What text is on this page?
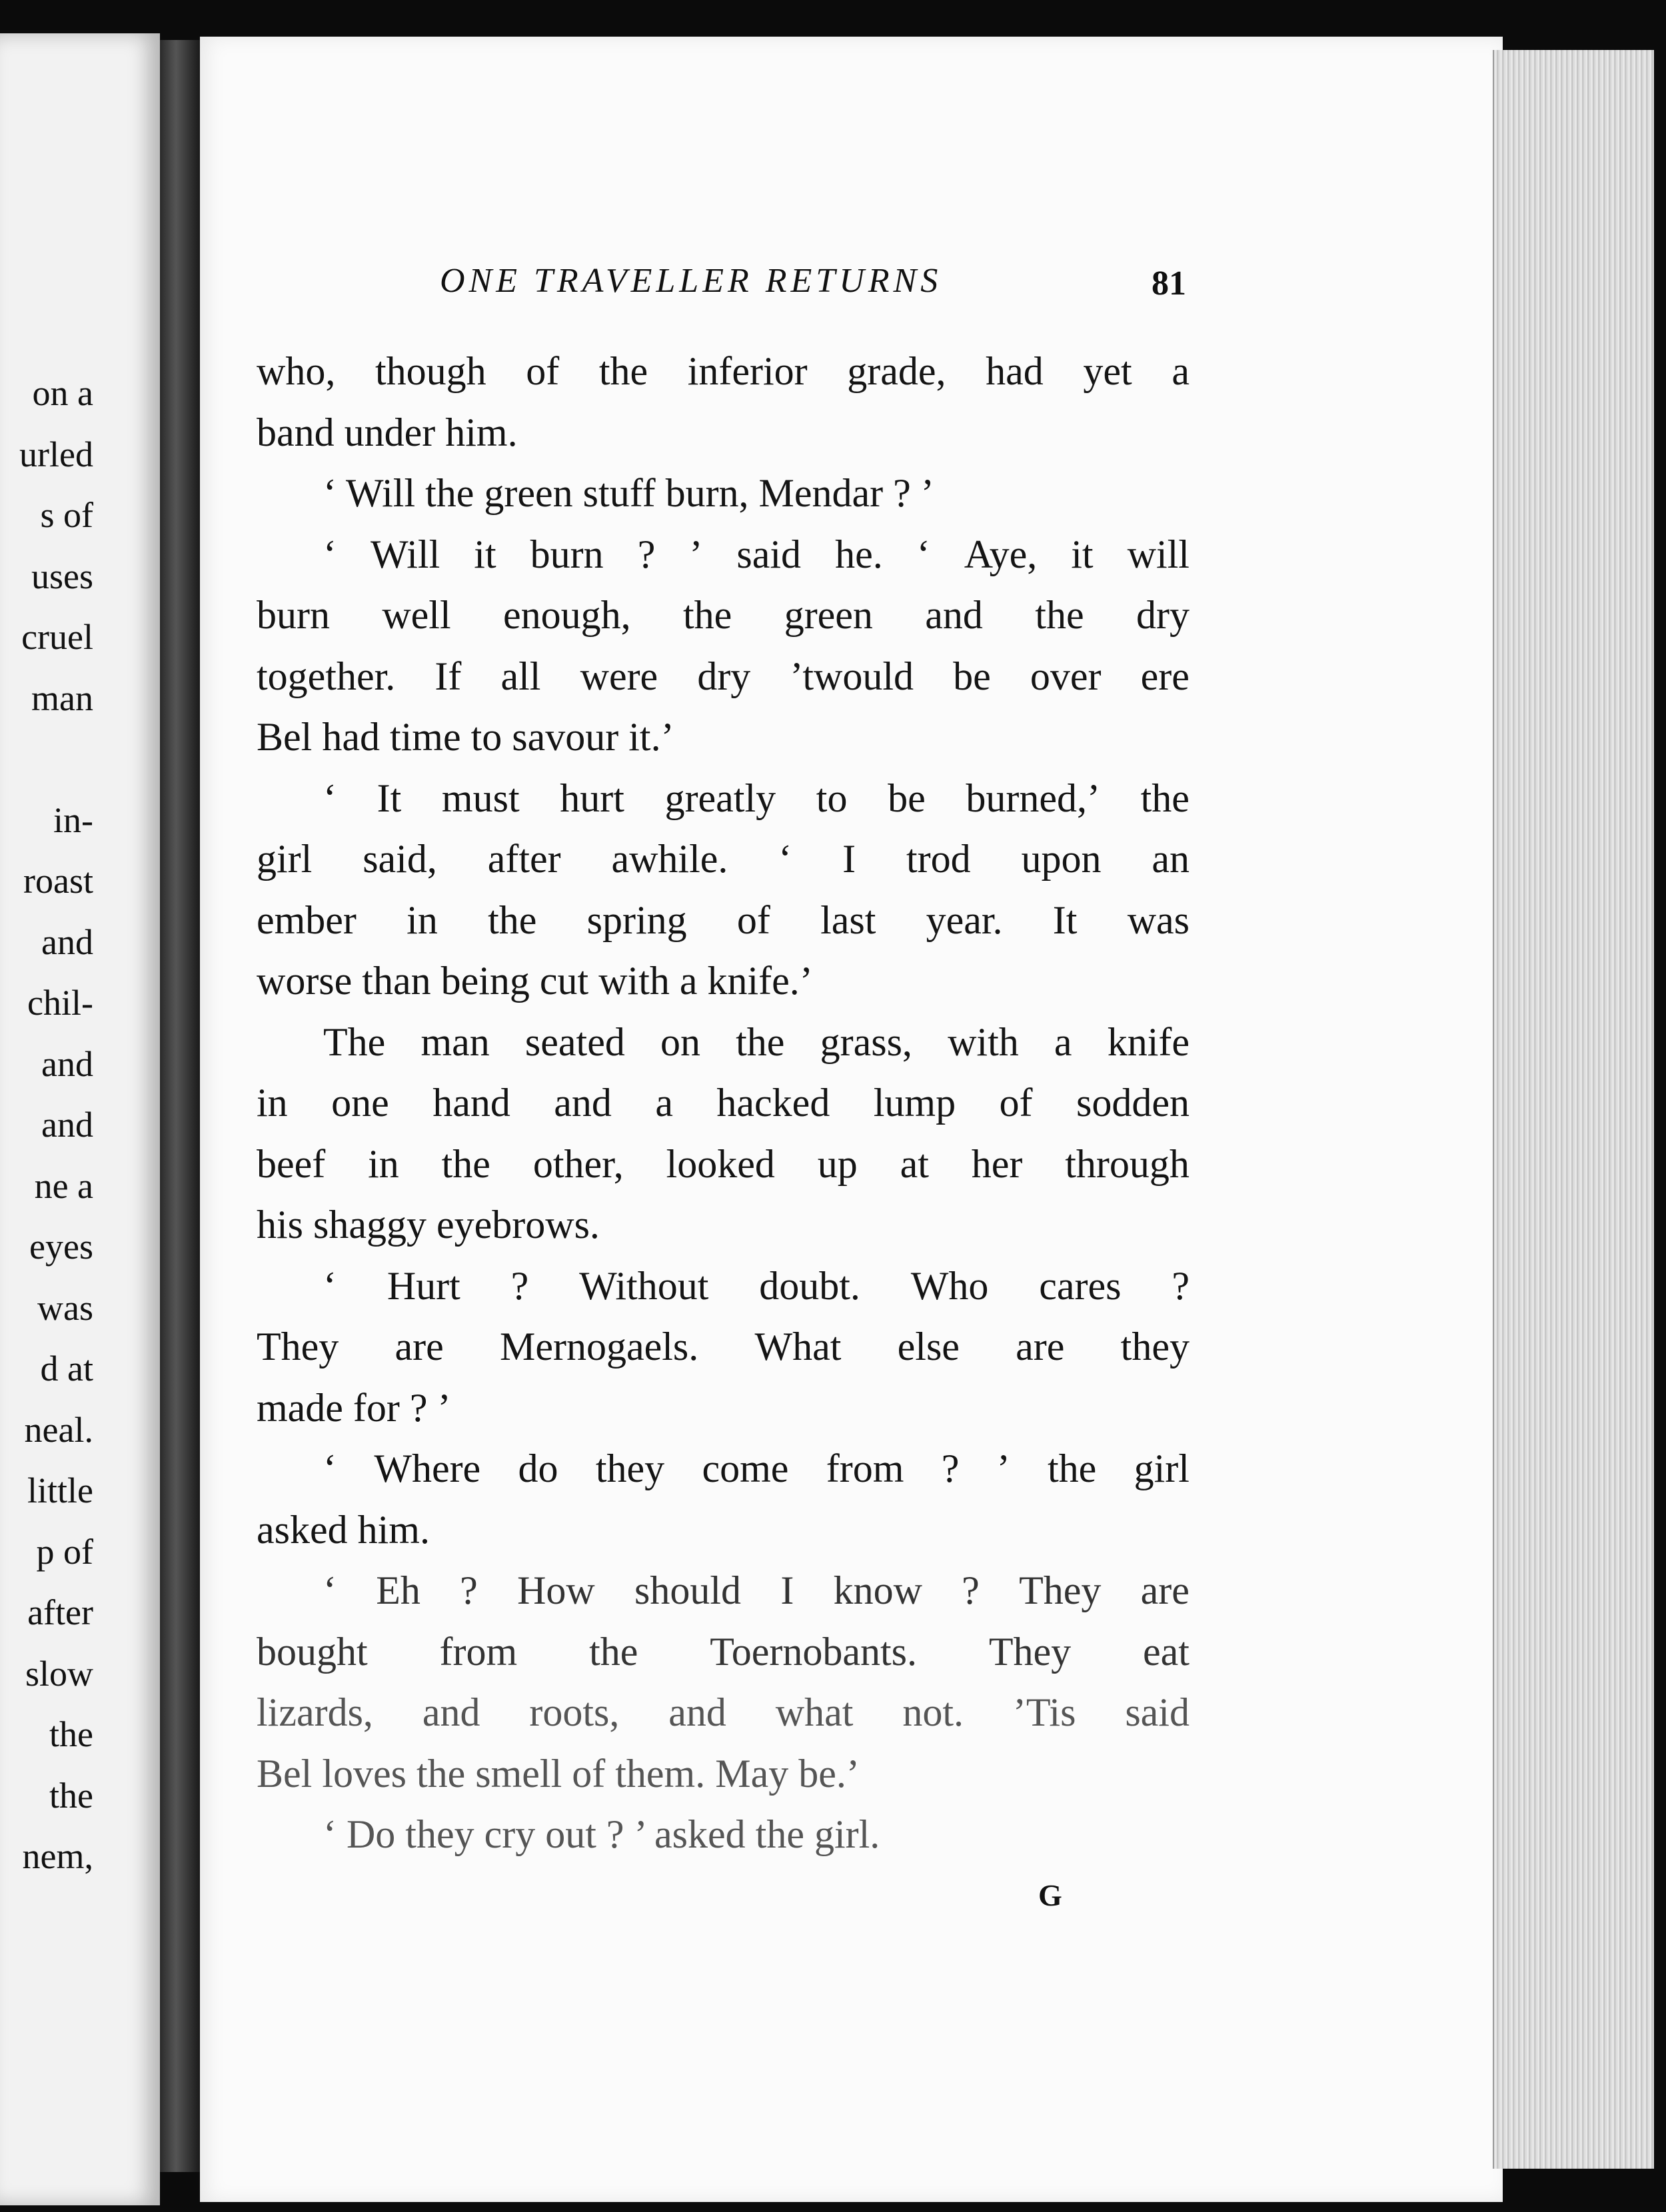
on a
urled
s of
uses
cruel
man

in-
roast
and
chil-
and
and
ne a
eyes
was
d at
neal.
little
p of
after
slow
the
the
nem,
ONE TRAVELLER RETURNS	81
who, though of the inferior grade, had yet a
band under him.
‘ Will the green stuff burn, Mendar ? ’
‘ Will it burn ? ’ said he. ‘ Aye, it will
burn well enough, the green and the dry
together. If all were dry ’twould be over ere
Bel had time to savour it.’
‘ It must hurt greatly to be burned,’ the
girl said, after awhile. ‘ I trod upon an
ember in the spring of last year. It was
worse than being cut with a knife.’
The man seated on the grass, with a knife
in one hand and a hacked lump of sodden
beef in the other, looked up at her through
his shaggy eyebrows.
‘ Hurt ? Without doubt. Who cares ?
They are Mernogaels. What else are they
made for ? ’
‘ Where do they come from ? ’ the girl
asked him.
‘ Eh ? How should I know ? They are
bought from the Toernobants. They eat
lizards, and roots, and what not. ’Tis said
Bel loves the smell of them. May be.’
‘ Do they cry out ? ’ asked the girl.
G
